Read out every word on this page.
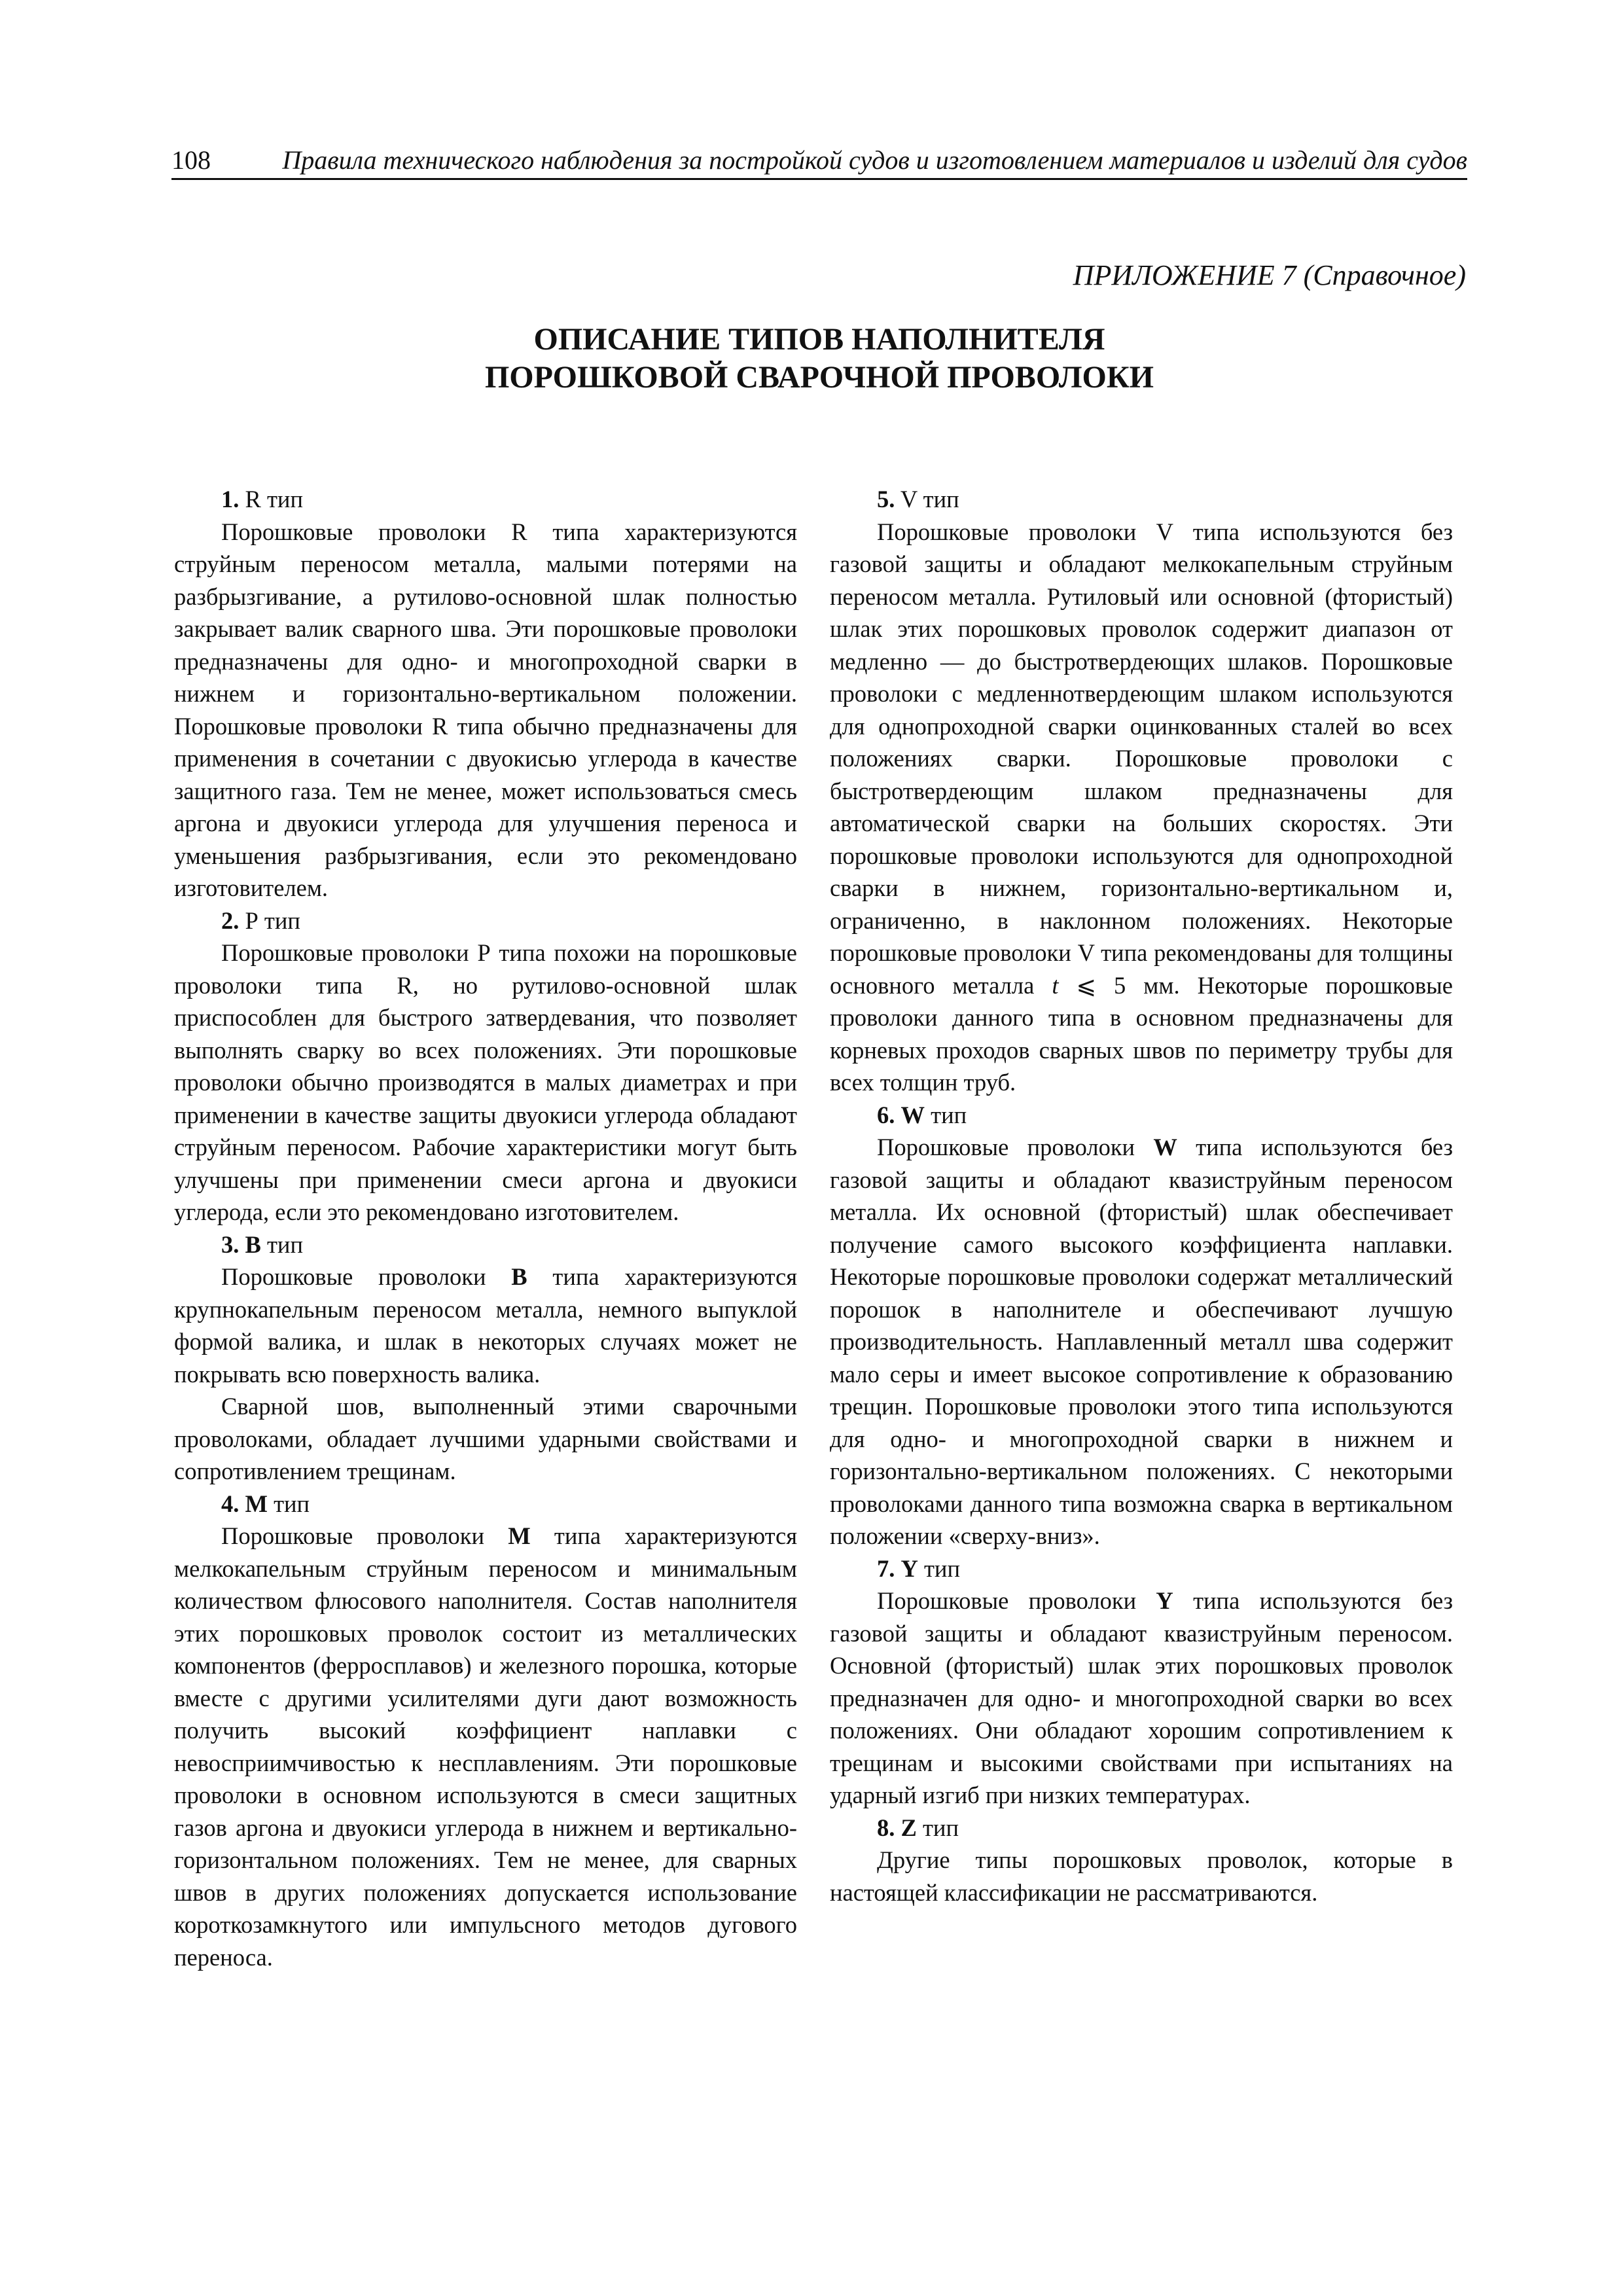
108	Правила технического наблюдения за постройкой судов и изготовлением материалов и изделий для судов
ПРИЛОЖЕНИЕ 7 (Справочное)
ОПИСАНИЕ ТИПОВ НАПОЛНИТЕЛЯ
ПОРОШКОВОЙ СВАРОЧНОЙ ПРОВОЛОКИ
1. R тип

Порошковые проволоки R типа характеризуются струйным переносом металла, малыми потерями на разбрызгивание, а рутилово-основной шлак полностью закрывает валик сварного шва. Эти порошковые проволоки предназначены для одно- и многопроходной сварки в нижнем и горизонтально-вертикальном положении. Порошковые проволоки R типа обычно предназначены для применения в сочетании с двуокисью углерода в качестве защитного газа. Тем не менее, может использоваться смесь аргона и двуокиси углерода для улучшения переноса и уменьшения разбрызгивания, если это рекомендовано изготовителем.

2. Р тип

Порошковые проволоки Р типа похожи на порошковые проволоки типа R, но рутилово-основной шлак приспособлен для быстрого затвердевания, что позволяет выполнять сварку во всех положениях. Эти порошковые проволоки обычно производятся в малых диаметрах и при применении в качестве защиты двуокиси углерода обладают струйным переносом. Рабочие характеристики могут быть улучшены при применении смеси аргона и двуокиси углерода, если это рекомендовано изготовителем.

3. B тип

Порошковые проволоки B типа характеризуются крупнокапельным переносом металла, немного выпуклой формой валика, и шлак в некоторых случаях может не покрывать всю поверхность валика.

Сварной шов, выполненный этими сварочными проволоками, обладает лучшими ударными свойствами и сопротивлением трещинам.

4. M тип

Порошковые проволоки M типа характеризуются мелкокапельным струйным переносом и минимальным количеством флюсового наполнителя. Состав наполнителя этих порошковых проволок состоит из металлических компонентов (ферросплавов) и железного порошка, которые вместе с другими усилителями дуги дают возможность получить высокий коэффициент наплавки с невосприимчивостью к несплавлениям. Эти порошковые проволоки в основном используются в смеси защитных газов аргона и двуокиси углерода в нижнем и вертикально-горизонтальном положениях. Тем не менее, для сварных швов в других положениях допускается использование короткозамкнутого или импульсного методов дугового переноса.

5. V тип

Порошковые проволоки V типа используются без газовой защиты и обладают мелкокапельным струйным переносом металла. Рутиловый или основной (фтористый) шлак этих порошковых проволок содержит диапазон от медленно — до быстротвердеющих шлаков. Порошковые проволоки с медленнотвердеющим шлаком используются для однопроходной сварки оцинкованных сталей во всех положениях сварки. Порошковые проволоки с быстротвердеющим шлаком предназначены для автоматической сварки на больших скоростях. Эти порошковые проволоки используются для однопроходной сварки в нижнем, горизонтально-вертикальном и, ограниченно, в наклонном положениях. Некоторые порошковые проволоки V типа рекомендованы для толщины основного металла t ⩽ 5 мм. Некоторые порошковые проволоки данного типа в основном предназначены для корневых проходов сварных швов по периметру трубы для всех толщин труб.

6. W тип

Порошковые проволоки W типа используются без газовой защиты и обладают квазиструйным переносом металла. Их основной (фтористый) шлак обеспечивает получение самого высокого коэффициента наплавки. Некоторые порошковые проволоки содержат металлический порошок в наполнителе и обеспечивают лучшую производительность. Наплавленный металл шва содержит мало серы и имеет высокое сопротивление к образованию трещин. Порошковые проволоки этого типа используются для одно- и многопроходной сварки в нижнем и горизонтально-вертикальном положениях. С некоторыми проволоками данного типа возможна сварка в вертикальном положении «сверху-вниз».

7. Y тип

Порошковые проволоки Y типа используются без газовой защиты и обладают квазиструйным переносом. Основной (фтористый) шлак этих порошковых проволок предназначен для одно- и многопроходной сварки во всех положениях. Они обладают хорошим сопротивлением к трещинам и высокими свойствами при испытаниях на ударный изгиб при низких температурах.

8. Z тип

Другие типы порошковых проволок, которые в настоящей классификации не рассматриваются.
